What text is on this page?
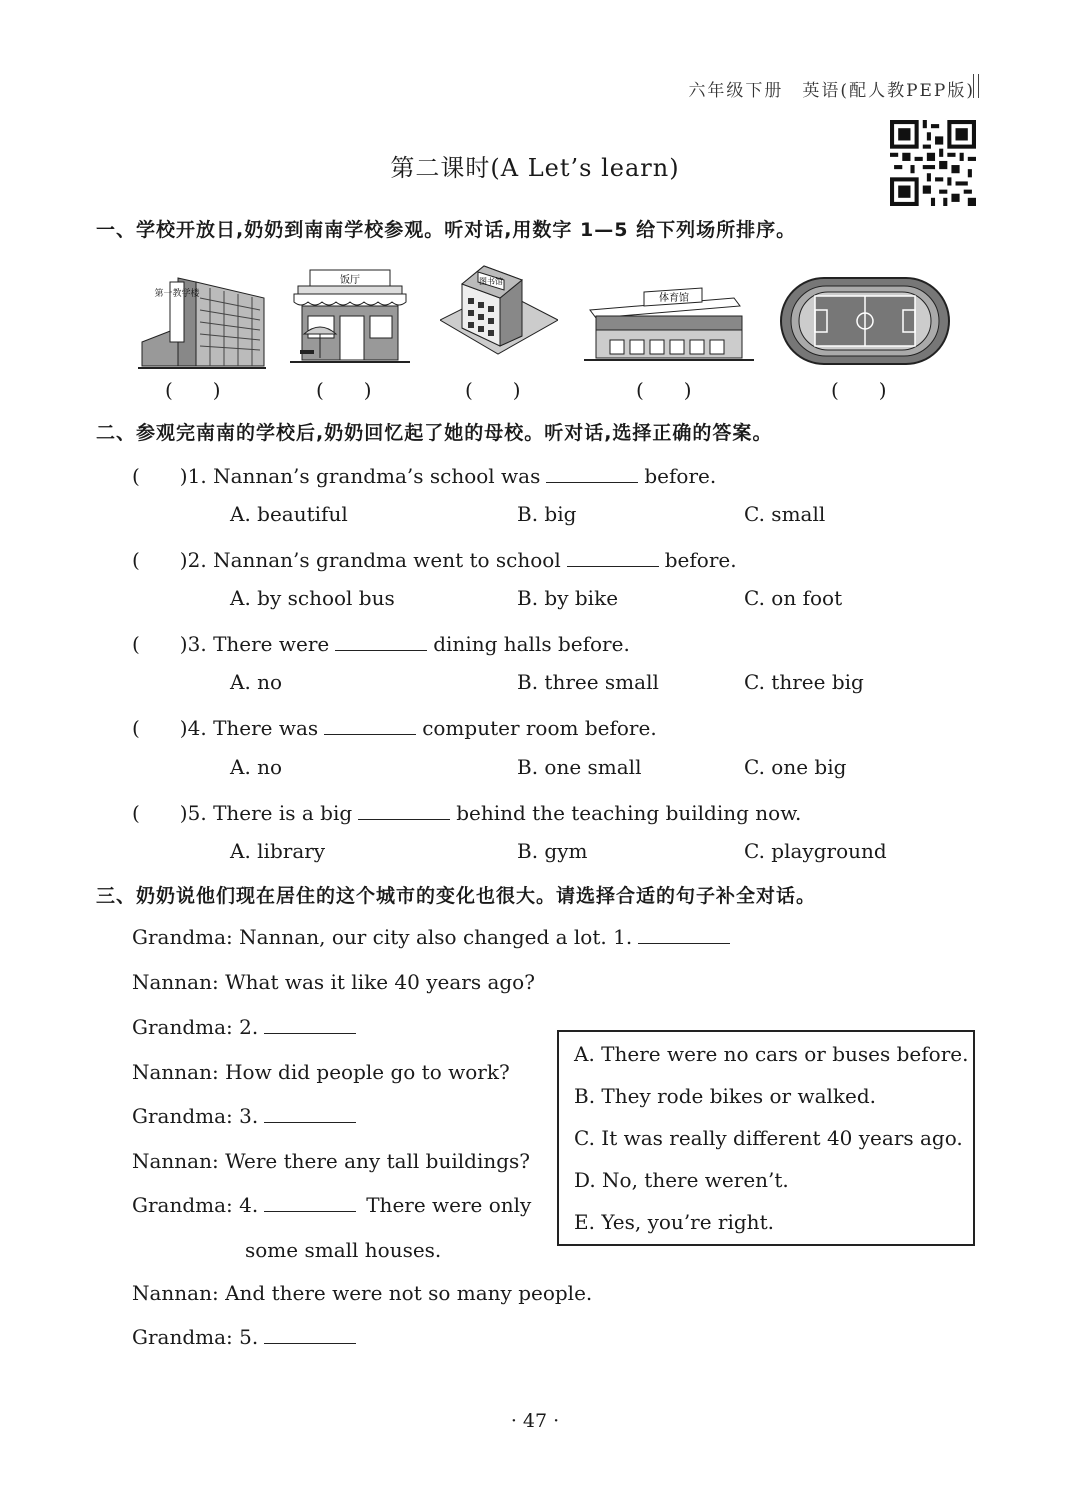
六年级下册　英语(配人教PEP版)
第二课时(A Let’s learn)
一、学校开放日,奶奶到南南学校参观。听对话,用数字 1—5 给下列场所排序。
第一教学楼
饭厅	图书馆
体育馆
(　　)	(　　)	(　　)	(　　)	(　　)
二、参观完南南的学校后,奶奶回忆起了她的母校。听对话,选择正确的答案。
(　　)1. Nannan’s grandma’s school was	before.
A. beautiful	B. big	C. small
(　　)2. Nannan’s grandma went to school	before.
A. by school bus	B. by bike	C. on foot
(　　)3. There were	dining halls before.
A. no	B. three small	C. three big
(　　)4. There was	computer room before.
A. no	B. one small	C. one big
(　　)5. There is a big	behind the teaching building now.
A. library	B. gym	C. playground
三、奶奶说他们现在居住的这个城市的变化也很大。请选择合适的句子补全对话。
Grandma: Nannan, our city also changed a lot. 1.
Nannan: What was it like 40 years ago?
Grandma: 2.
Nannan: How did people go to work?
Grandma: 3.
Nannan: Were there any tall buildings?
Grandma: 4.	There were only
some small houses.
Nannan: And there were not so many people.
Grandma: 5.
A. There were no cars or buses before.
B. They rode bikes or walked.
C. It was really different 40 years ago.
D. No, there weren’t.
E. Yes, you’re right.
· 47 ·
